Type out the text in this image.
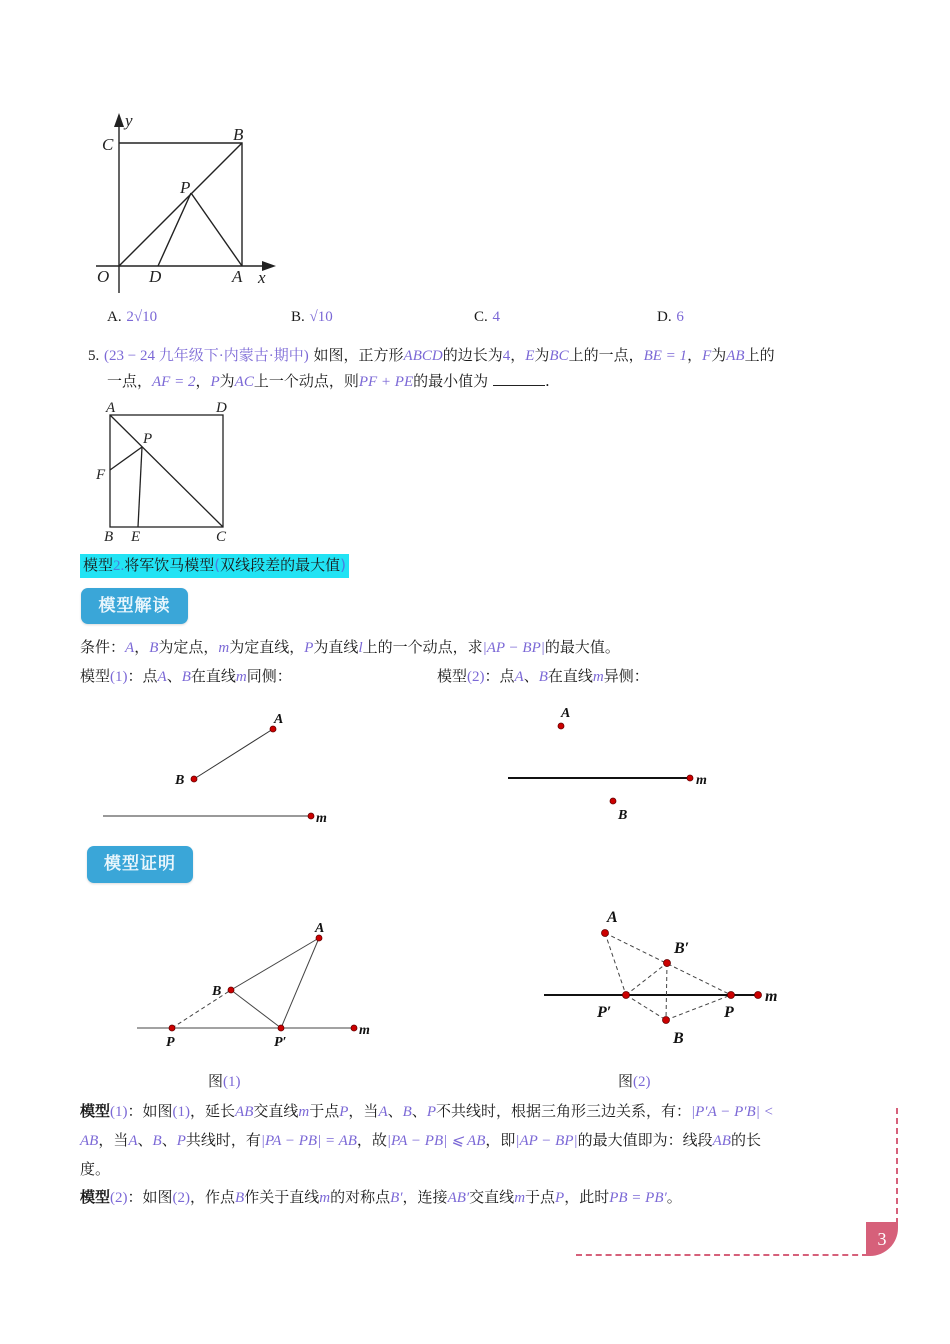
y
C
B
P
O D	A x
A. 2√10	B. √10	C. 4	D. 6
5. (23 − 24 九年级下·内蒙古·期中) 如图，正方形ABCD的边长为4，E为BC上的一点，BE = 1，F为AB上的
一点，AF = 2，P为AC上一个动点，则PF + PE的最小值为	.
A	D
P
F
B E	C
模型2.将军饮马模型(双线段差的最大值)
模型解读
条件：A，B为定点，m为定直线，P为直线l上的一个动点，求|AP − BP|的最大值。
模型(1)：点A、B在直线m同侧：	模型(2)：点A、B在直线m异侧：
A
B
m
A
B
m
模型证明
A
B
P	P′
m
A
B′
P′	P
B
m
图(1)	图(2)
模型(1)：如图(1)，延长AB交直线m于点P，当A、B、P不共线时，根据三角形三边关系，有：|P′A − P′B| <
AB，当A、B、P共线时，有|PA − PB| = AB，故|PA − PB| ⩽ AB，即|AP − BP|的最大值即为：线段AB的长
度。
模型(2)：如图(2)，作点B作关于直线m的对称点B′，连接AB′交直线m于点P，此时PB = PB′。
3
